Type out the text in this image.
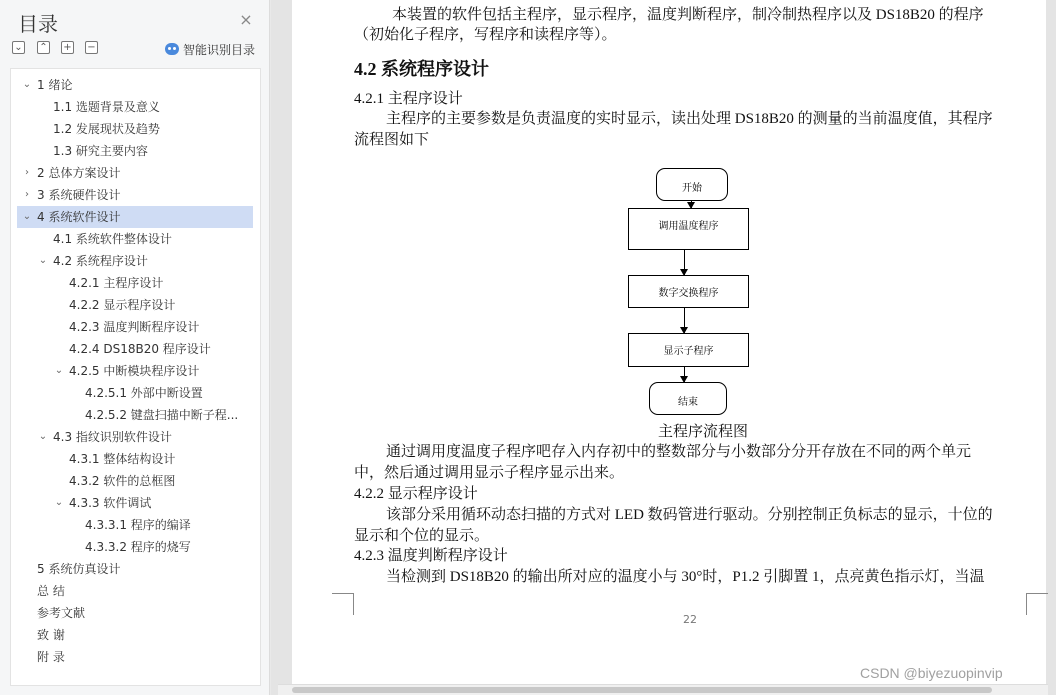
目录	×
⌄ ⌃ + −	智能识别目录
⌄ 1 绪论
1.1 选题背景及意义
1.2 发展现状及趋势
1.3 研究主要内容
› 2 总体方案设计
› 3 系统硬件设计
⌄ 4 系统软件设计
4.1 系统软件整体设计
⌄ 4.2 系统程序设计
4.2.1 主程序设计
4.2.2 显示程序设计
4.2.3 温度判断程序设计
4.2.4 DS18B20 程序设计
⌄ 4.2.5 中断模块程序设计
4.2.5.1 外部中断设置
4.2.5.2 键盘扫描中断子程...
⌄ 4.3 指纹识别软件设计
4.3.1 整体结构设计
4.3.2 软件的总框图
⌄ 4.3.3 软件调试
4.3.3.1 程序的编译
4.3.3.2 程序的烧写
5 系统仿真设计
总 结
参考文献
致 谢
附 录
本装置的软件包括主程序，显示程序，温度判断程序，制冷制热程序以及 DS18B20 的程序
（初始化子程序，写程序和读程序等）。
4.2 系统程序设计
4.2.1 主程序设计
主程序的主要参数是负责温度的实时显示，读出处理 DS18B20 的测量的当前温度值，其程序
流程图如下
开始
调用温度程序
数字交换程序
显示子程序
结束
主程序流程图
通过调用度温度子程序吧存入内存初中的整数部分与小数部分分开存放在不同的两个单元
中，然后通过调用显示子程序显示出来。
4.2.2 显示程序设计
该部分采用循环动态扫描的方式对 LED 数码管进行驱动。分别控制正负标志的显示，十位的
显示和个位的显示。
4.2.3 温度判断程序设计
当检测到 DS18B20 的输出所对应的温度小与 30°时，P1.2 引脚置 1，点亮黄色指示灯，当温
22
CSDN @biyezuopinvip
